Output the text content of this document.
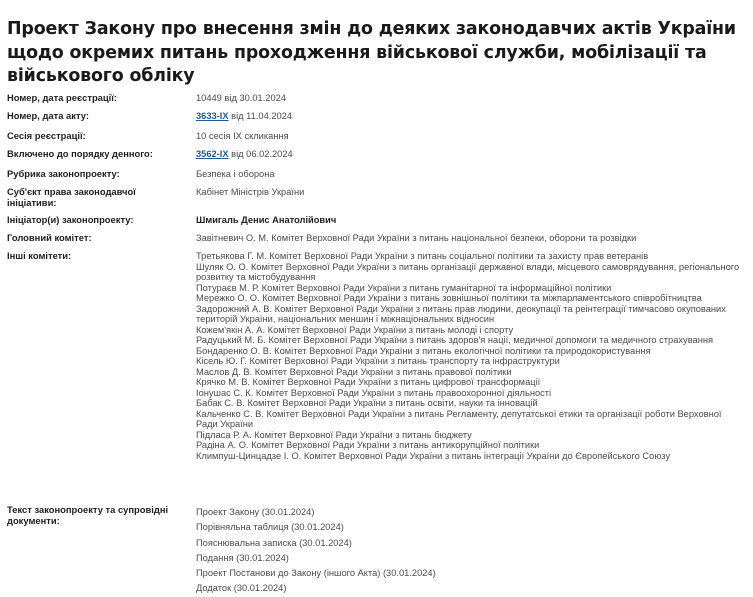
Проект Закону про внесення змін до деяких законодавчих актів України щодо окремих питань проходження військової служби, мобілізації та військового обліку
Номер, дата реєстрації:	10449 від 30.01.2024
Номер, дата акту:	3633-IX від 11.04.2024
Сесія реєстрації:	10 сесія IX скликання
Включено до порядку денного:	3562-IX від 06.02.2024
Рубрика законопроекту:	Безпека і оборона
Суб'єкт права законодавчої ініціативи:
Кабінет Міністрів України
Ініціатор(и) законопроекту:	Шмигаль Денис Анатолійович
Головний комітет:	Завітневич О. М. Комітет Верховної Ради України з питань національної безпеки, оборони та розвідки
Інші комітети:	Третьякова Г. М. Комітет Верховної Ради України з питань соціальної політики та захисту прав ветеранів
Шуляк О. О. Комітет Верховної Ради України з питань організації державної влади, місцевого самоврядування, регіонального розвитку та містобудування
Потураєв М. Р. Комітет Верховної Ради України з питань гуманітарної та інформаційної політики
Мережко О. О. Комітет Верховної Ради України з питань зовнішньої політики та міжпарламентського співробітництва
Задорожний А. В. Комітет Верховної Ради України з питань прав людини, деокупації та реінтеграції тимчасово окупованих територій України, національних меншин і міжнаціональних відносин
Кожем'якін А. А. Комітет Верховної Ради України з питань молоді і спорту
Радуцький М. Б. Комітет Верховної Ради України з питань здоров'я нації, медичної допомоги та медичного страхування
Бондаренко О. В. Комітет Верховної Ради України з питань екологічної політики та природокористування
Кісель Ю. Г. Комітет Верховної Ради України з питань транспорту та інфраструктури
Маслов Д. В. Комітет Верховної Ради України з питань правової політики
Крячко М. В. Комітет Верховної Ради України з питань цифрової трансформації
Іонушас С. К. Комітет Верховної Ради України з питань правоохоронної діяльності
Бабак С. В. Комітет Верховної Ради України з питань освіти, науки та інновацій
Кальченко С. В. Комітет Верховної Ради України з питань Регламенту, депутатської етики та організації роботи Верховної Ради України
Підласа Р. А. Комітет Верховної Ради України з питань бюджету
Радіна А. О. Комітет Верховної Ради України з питань антикорупційної політики
Климпуш-Цинцадзе І. О. Комітет Верховної Ради України з питань інтеграції України до Європейського Союзу
Текст законопроекту та супровідні документи:
Проект Закону (30.01.2024)
Порівняльна таблиця (30.01.2024)
Пояснювальна записка (30.01.2024)
Подання (30.01.2024)
Проект Постанови до Закону (іншого Акта) (30.01.2024)
Додаток (30.01.2024)
